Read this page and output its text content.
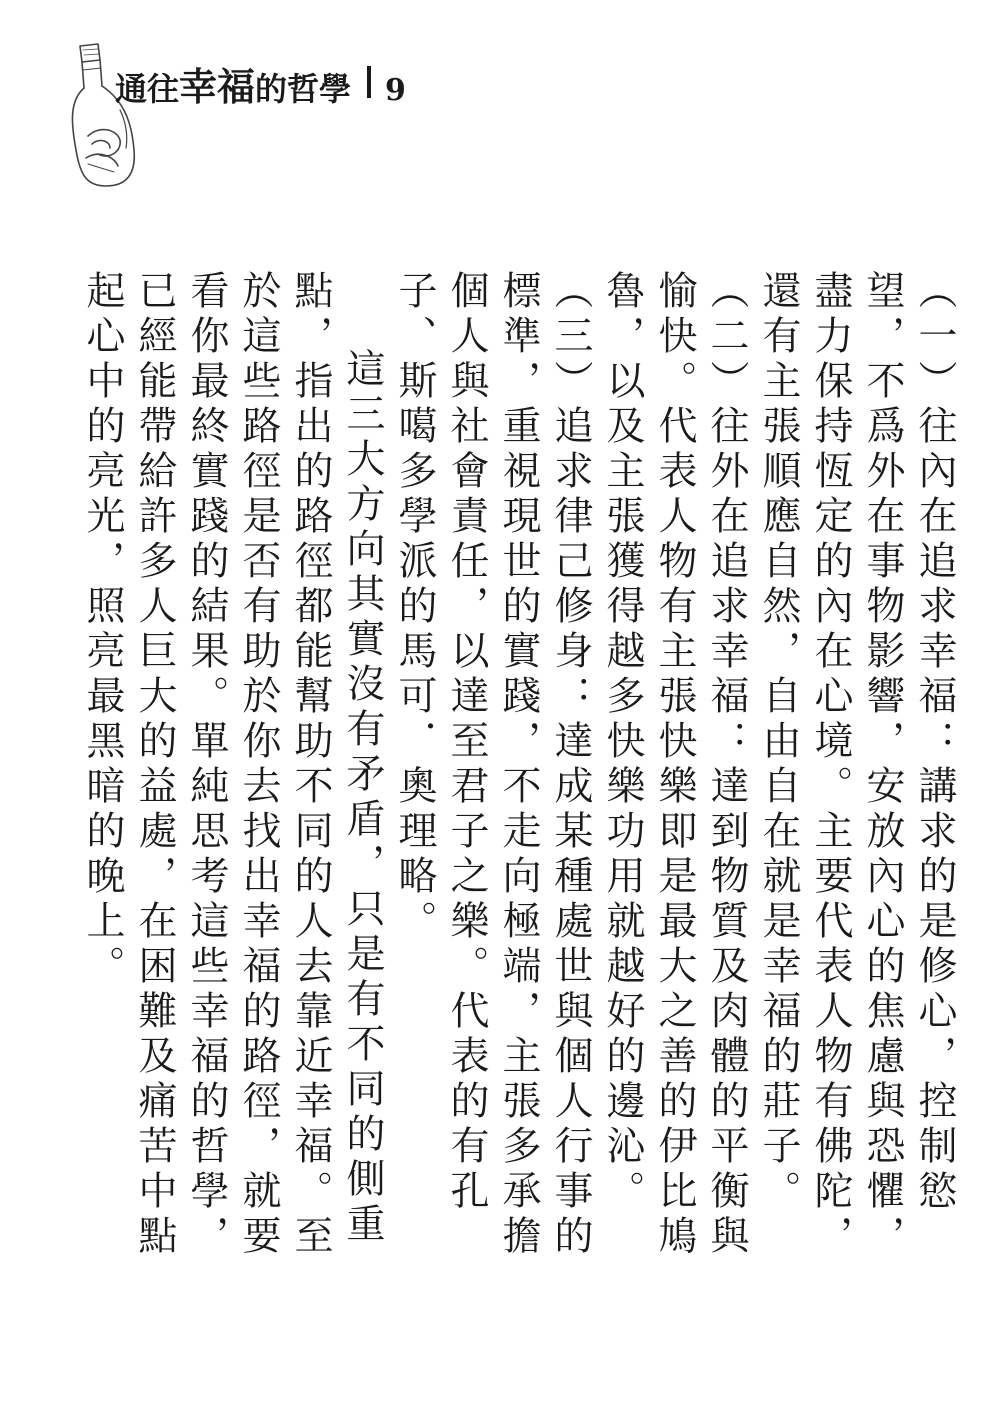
通往 幸福 的哲學 9

（一）往內在追求幸福：講求的是修心，控制慾望，不爲外在事物影響，安放內心的焦慮與恐懼，盡力保持恆定的內在心境。主要代表人物有佛陀，還有主張順應自然，自由自在就是幸福的莊子。

（二）往外在追求幸福：達到物質及肉體的平衡與愉快。代表人物有主張快樂即是最大之善的伊比鳩魯，以及主張獲得越多快樂功用就越好的邊沁。

（三）追求律己修身：達成某種處世與個人行事的標準，重視現世的實踐，不走向極端，主張多承擔個人與社會責任，以達至君子之樂。代表的有孔子、斯噶多學派的馬可．奧理略。

這三大方向其實沒有矛盾，只是有不同的側重點，指出的路徑都能幫助不同的人去靠近幸福。至於這些路徑是否有助於你去找出幸福的路徑，就要看你最終實踐的結果。單純思考這些幸福的哲學，已經能帶給許多人巨大的益處，在困難及痛苦中點起心中的亮光，照亮最黑暗的晚上。
